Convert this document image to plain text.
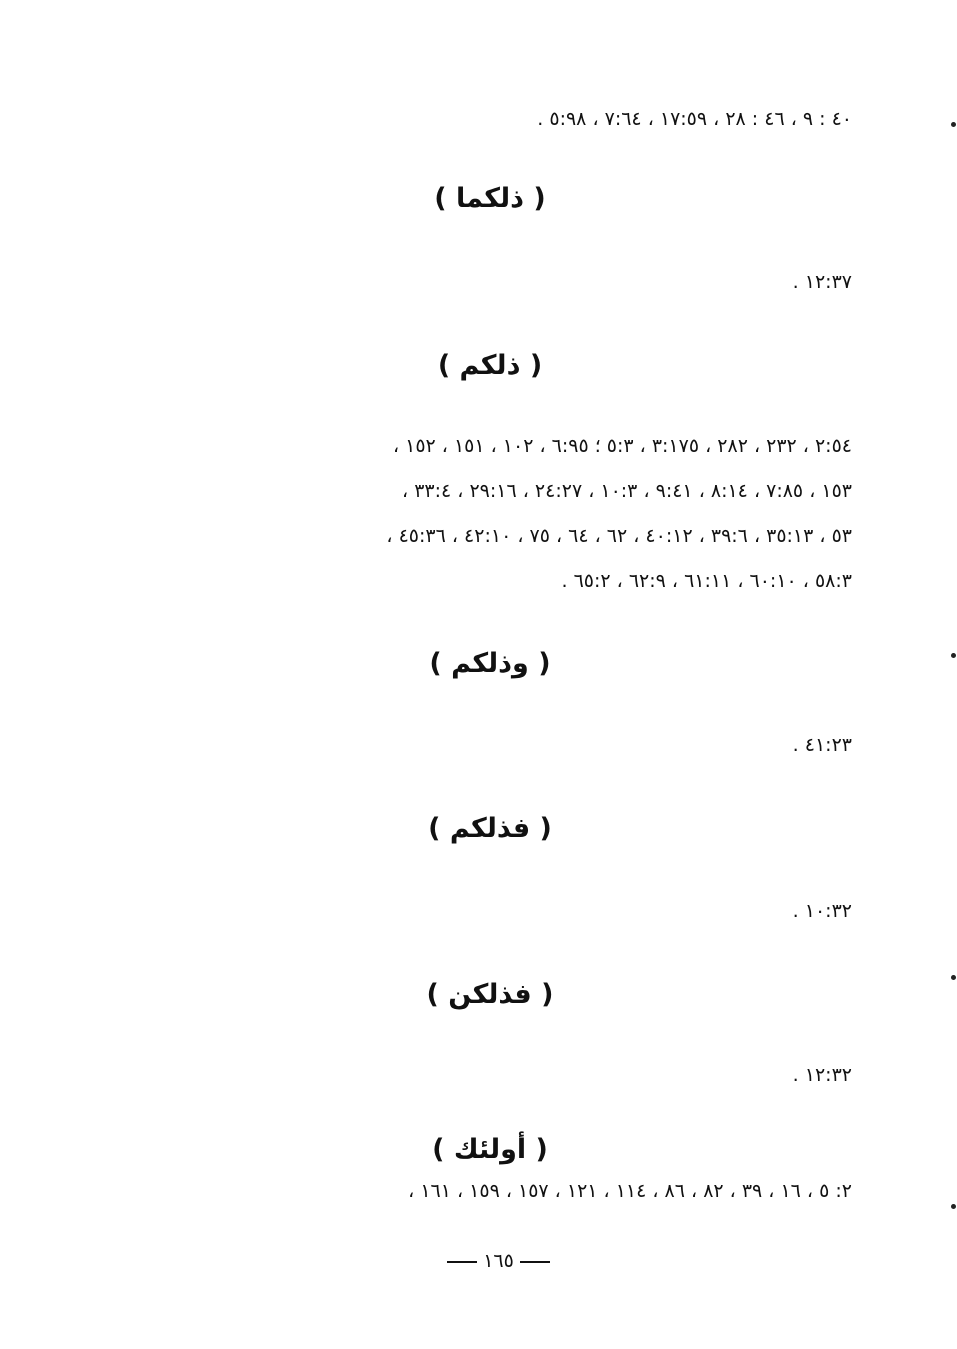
٤٠ : ٩ ، ٤٦ : ٢٨ ، ١٧:٥٩ ، ٧:٦٤ ، ٥:٩٨ .
( ذلكما )
١٢:٣٧ .
( ذلكم )
٢:٥٤ ، ٢٣٢ ، ٢٨٢ ، ٣:١٧٥ ، ٥:٣ ؛ ٦:٩٥ ، ١٠٢ ، ١٥١ ، ١٥٢ ،
١٥٣ ، ٧:٨٥ ، ٨:١٤ ، ٩:٤١ ، ١٠:٣ ، ٢٤:٢٧ ، ٢٩:١٦ ، ٣٣:٤ ،
٥٣ ، ٣٥:١٣ ، ٣٩:٦ ، ٤٠:١٢ ، ٦٢ ، ٦٤ ، ٧٥ ، ٤٢:١٠ ، ٤٥:٣٦ ،
٥٨:٣ ، ٦٠:١٠ ، ٦١:١١ ، ٦٢:٩ ، ٦٥:٢ .
( وذلكم )
٤١:٢٣ .
( فذلكم )
١٠:٣٢ .
( فذلكن )
١٢:٣٢ .
( أولئك )
٢: ٥ ، ١٦ ، ٣٩ ، ٨٢ ، ٨٦ ، ١١٤ ، ١٢١ ، ١٥٧ ، ١٥٩ ، ١٦١ ،
١٦٥
